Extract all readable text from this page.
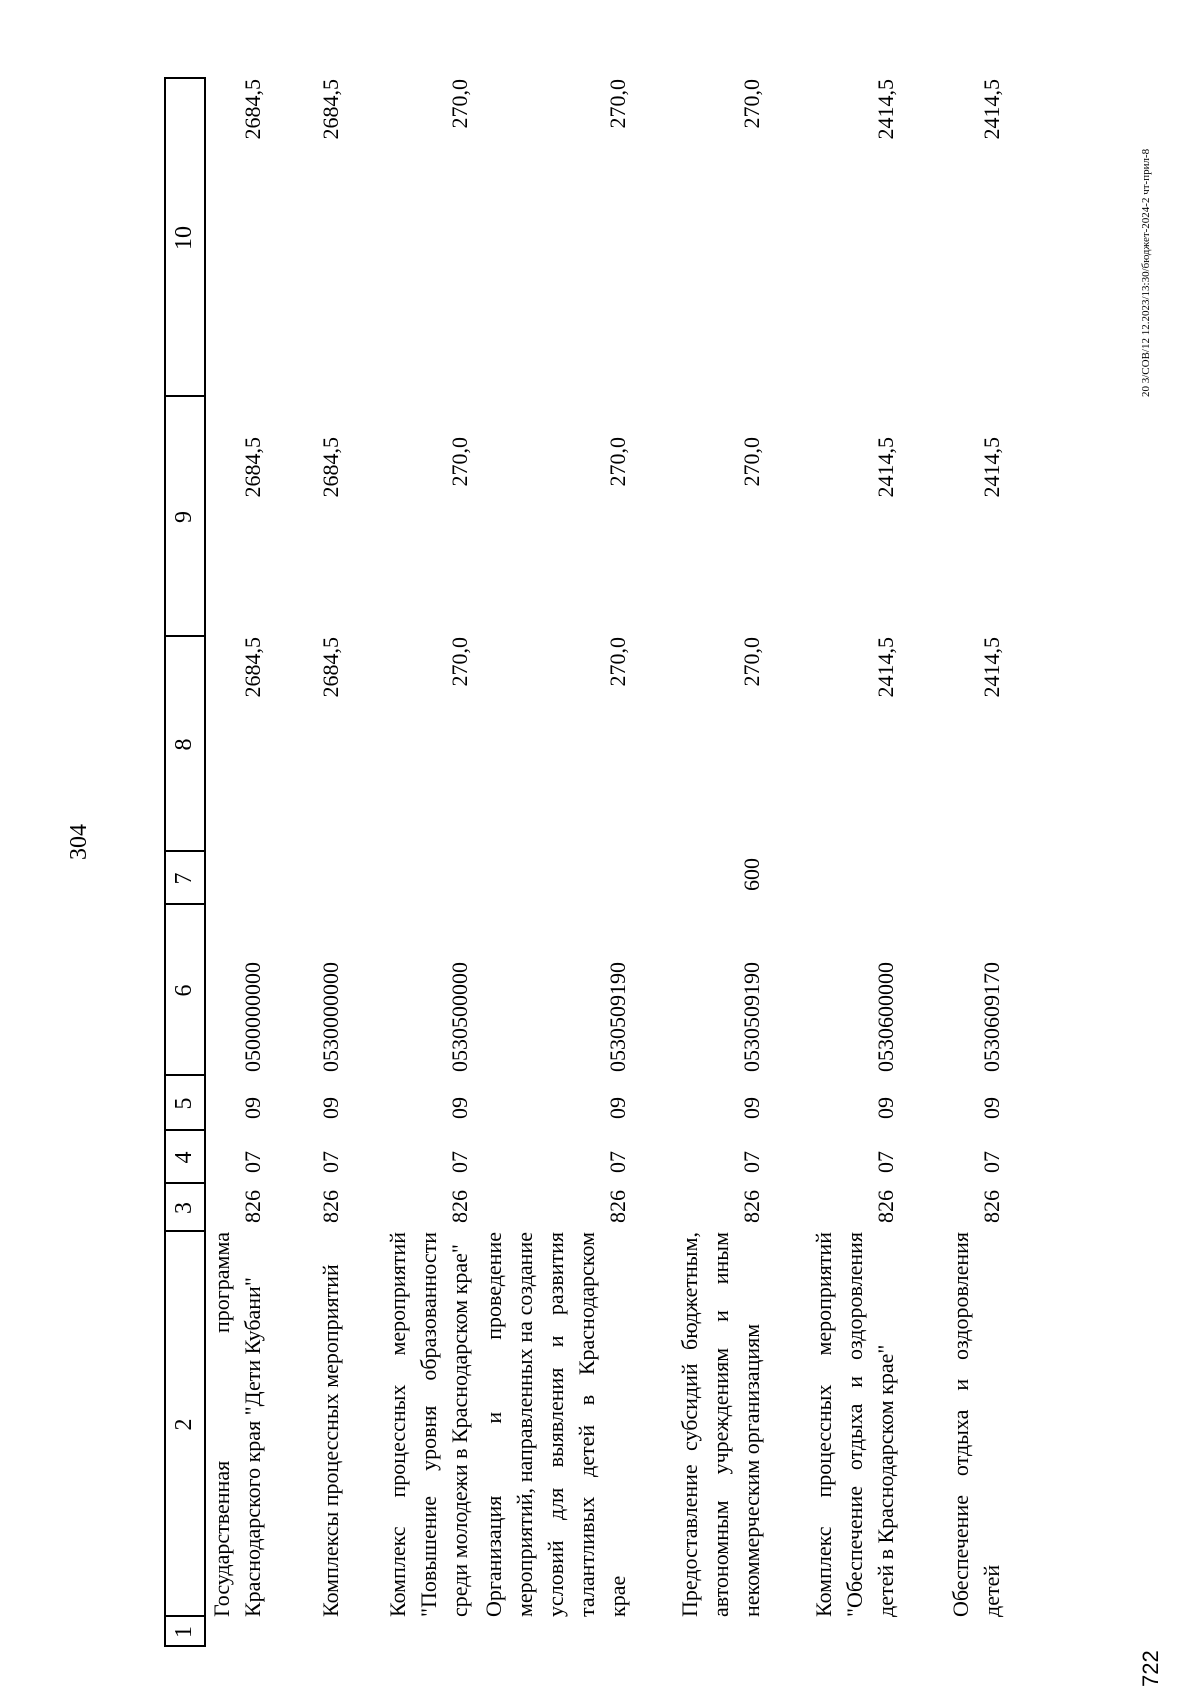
304
1
2
3
4
5
6
7
8
9
10
Государственная программа Краснодарского края "Дети Кубани"
826
07
09
0500000000
2684,5
2684,5
2684,5
Комплексы процессных мероприятий
826
07
09
0530000000
2684,5
2684,5
2684,5
Комплекс процессных мероприятий "Повышение уровня образованности среди молодежи в Краснодарском крае"
826
07
09
0530500000
270,0
270,0
270,0
Организация и проведение мероприятий, направленных на создание условий для выявления и развития талантливых детей в Краснодарском крае
826
07
09
0530509190
270,0
270,0
270,0
Предоставление субсидий бюджетным, автономным учреждениям и иным некоммерческим организациям
826
07
09
0530509190
600
270,0
270,0
270,0
Комплекс процессных мероприятий "Обеспечение отдыха и оздоровления детей в Краснодарском крае"
826
07
09
0530600000
2414,5
2414,5
2414,5
Обеспечение отдыха и оздоровления детей
826
07
09
0530609170
2414,5
2414,5
2414,5
20 3/СОВ/12 12.2023/13:30/бюджет-2024-2 чт-прил-8
722
